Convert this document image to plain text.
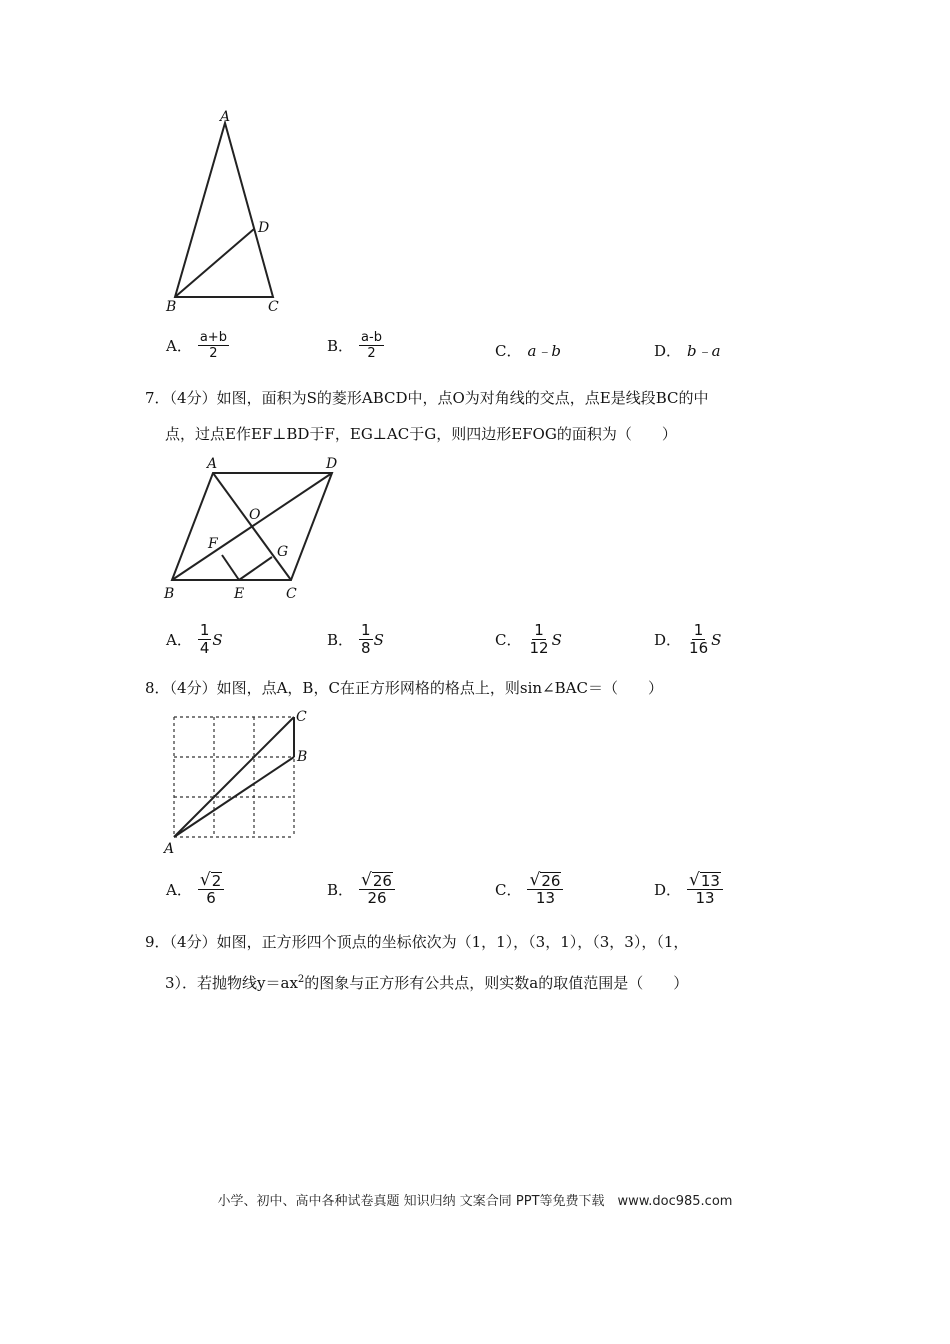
A
D
B	C
A． $\frac{a+b}{2}$	B． $\frac{a-b}{2}$	C． a﹣b	D． b﹣a
7．（4分）如图，面积为S的菱形ABCD中，点O为对角线的交点，点E是线段BC的中
点，过点E作EF⊥BD于F，EG⊥AC于G，则四边形EFOG的面积为（　　）
A	D
O
F	G
B	E	C
A． $\frac{1}{4}$ S	B． $\frac{1}{8}$ S	C． $\frac{1}{12}$ S	D． $\frac{1}{16}$ S
8．（4分）如图，点A，B，C在正方形网格的格点上，则sin∠BAC＝（　　）
C
B
A
A． $\frac{√ 2}{6}$	B． $\frac{√ 26}{26}$	C． $\frac{√ 26}{13}$	D． $\frac{√ 13}{13}$
9．（4分）如图，正方形四个顶点的坐标依次为（1，1），（3，1），（3，3），（1，
3）．若抛物线$y=ax^2$的图象与正方形有公共点，则实数a的取值范围是（　　）
小学、初中、高中各种试卷真题 知识归纳 文案合同 PPT等免费下载　www.doc985.com
